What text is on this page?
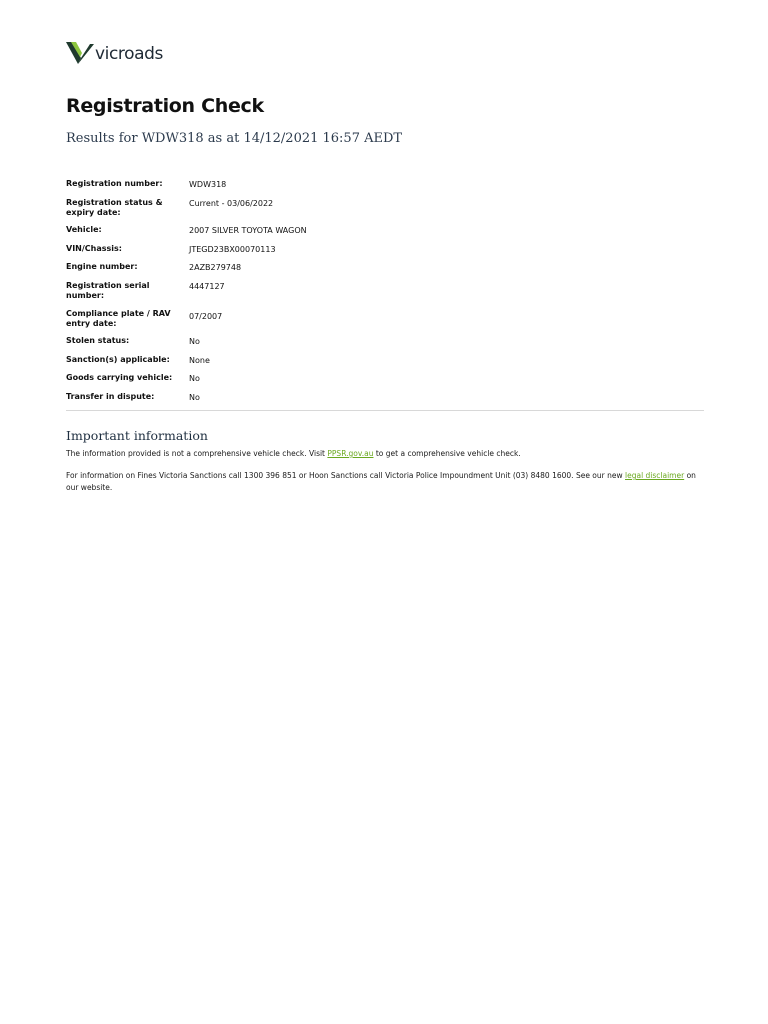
vicroads
Registration Check
Results for WDW318 as at 14/12/2021 16:57 AEDT
Registration number:	WDW318
Registration status & expiry date:
Current - 03/06/2022
Vehicle:	2007 SILVER TOYOTA WAGON
VIN/Chassis:	JTEGD23BX00070113
Engine number:	2AZB279748
Registration serial number:
4447127
Compliance plate / RAV entry date:
07/2007
Stolen status:	No
Sanction(s) applicable:	None
Goods carrying vehicle:	No
Transfer in dispute:	No
Important information

The information provided is not a comprehensive vehicle check. Visit PPSR.gov.au to get a comprehensive vehicle check.

For information on Fines Victoria Sanctions call 1300 396 851 or Hoon Sanctions call Victoria Police Impoundment Unit (03) 8480 1600. See our new legal disclaimer on our website.
